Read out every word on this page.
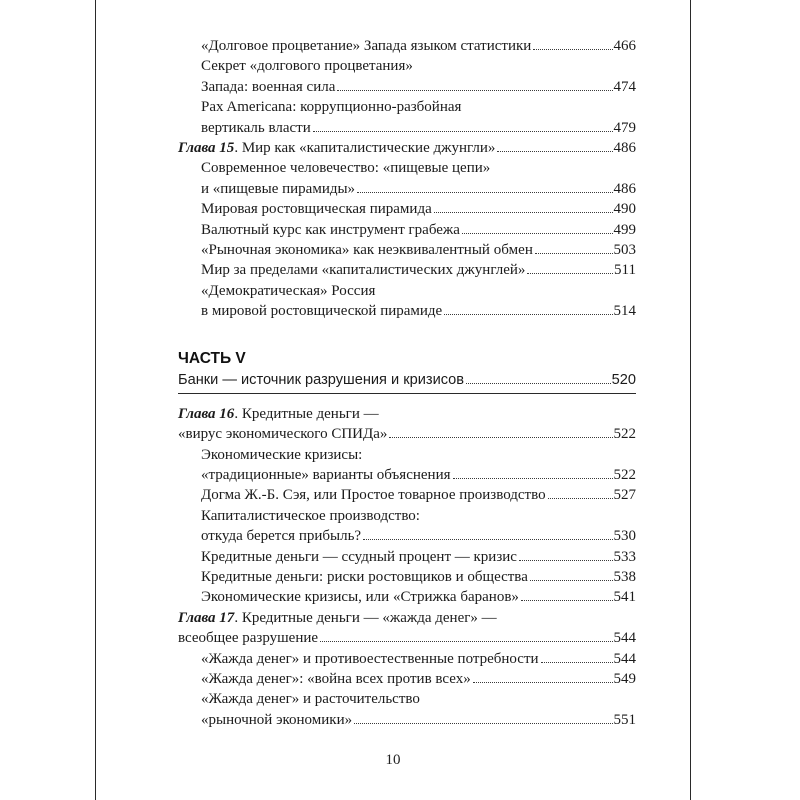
«Долговое процветание» Запада языком статистики	466
Секрет «долгового процветания»
Запада: военная сила	474
Pax Americana: коррупционно-разбойная
вертикаль власти	479
Глава 15. Мир как «капиталистические джунгли»	486
Современное человечество: «пищевые цепи»
и «пищевые пирамиды»	486
Мировая ростовщическая пирамида	490
Валютный курс как инструмент грабежа	499
«Рыночная экономика» как неэквивалентный обмен	503
Мир за пределами «капиталистических джунглей»	511
«Демократическая» Россия
в мировой ростовщической пирамиде	514
ЧАСТЬ V
Банки — источник разрушения и кризисов	520
Глава 16. Кредитные деньги —
«вирус экономического СПИДа»	522
Экономические кризисы:
«традиционные» варианты объяснения	522
Догма Ж.-Б. Сэя, или Простое товарное производство	527
Капиталистическое производство:
откуда берется прибыль?	530
Кредитные деньги — ссудный процент — кризис	533
Кредитные деньги: риски ростовщиков и общества	538
Экономические кризисы, или «Стрижка баранов»	541
Глава 17. Кредитные деньги — «жажда денег» —
всеобщее разрушение	544
«Жажда денег» и противоестественные потребности	544
«Жажда денег»: «война всех против всех»	549
«Жажда денег» и расточительство
«рыночной экономики»	551
10
